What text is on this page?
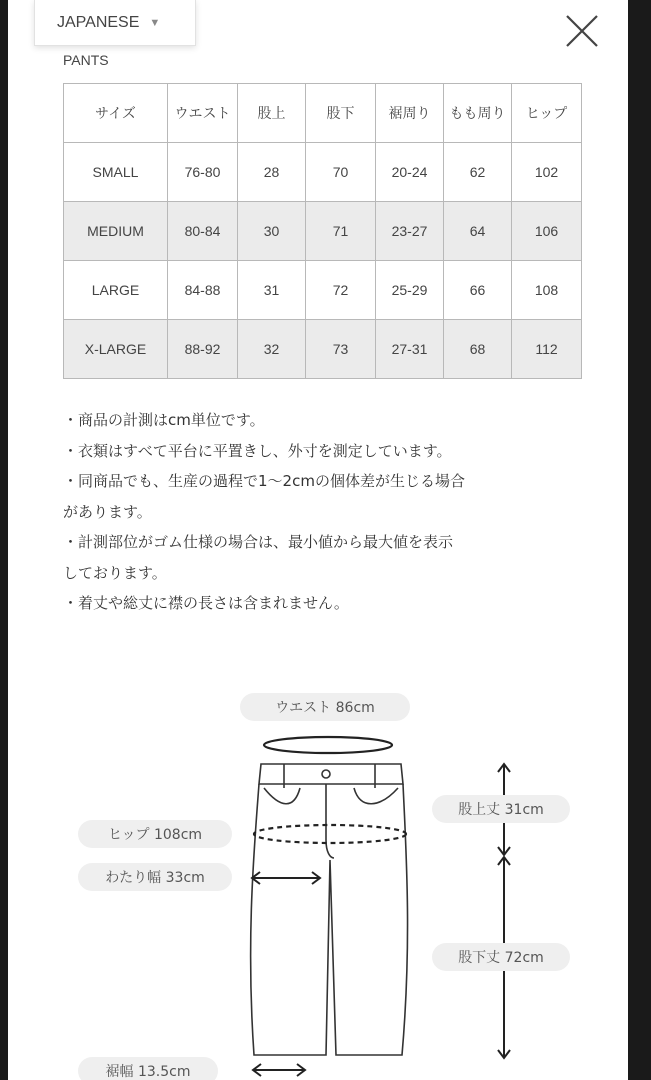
JAPANESE ▼
PANTS
サイズ	ウエスト	股上	股下	裾周り	もも周り	ヒップ
SMALL	76-80	28	70	20-24	62	102
MEDIUM	80-84	30	71	23-27	64	106
LARGE	84-88	31	72	25-29	66	108
X-LARGE	88-92	32	73	27-31	68	112

・商品の計測はcm単位です。

・衣類はすべて平台に平置きし、外寸を測定しています。

・同商品でも、生産の過程で1～2cmの個体差が生じる場合

があります。

・計測部位がゴム仕様の場合は、最小値から最大値を表示

しております。

・着丈や総丈に襟の長さは含まれません。

ウエスト 86cm
ヒップ 108cm
わたり幅 33cm
裾幅 13.5cm
股上丈 31cm
股下丈 72cm
